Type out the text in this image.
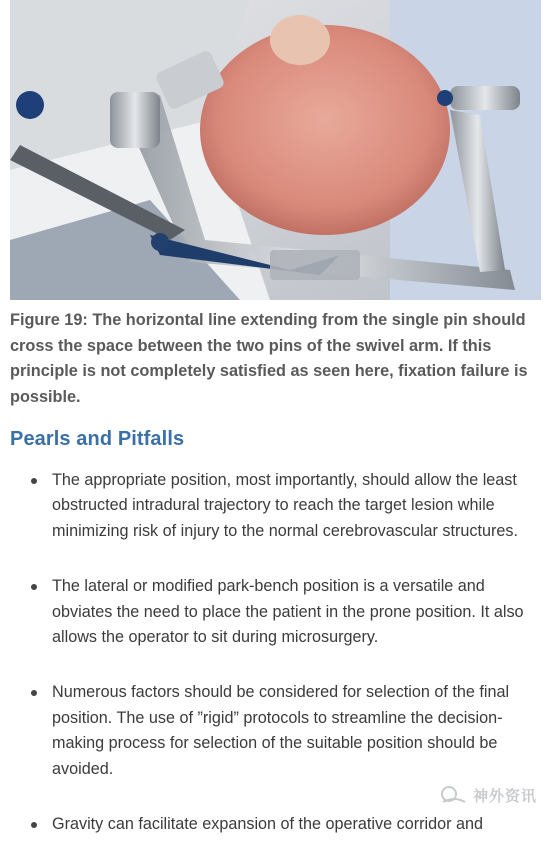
Figure 19: The horizontal line extending from the single pin should cross the space between the two pins of the swivel arm. If this principle is not completely satisfied as seen here, fixation failure is possible.

Pearls and Pitfalls
The appropriate position, most importantly, should allow the least obstructed intradural trajectory to reach the target lesion while minimizing risk of injury to the normal cerebrovascular structures.
The lateral or modified park-bench position is a versatile and obviates the need to place the patient in the prone position. It also allows the operator to sit during microsurgery.
Numerous factors should be considered for selection of the final position. The use of ”rigid” protocols to streamline the decision-making process for selection of the suitable position should be avoided.
Gravity can facilitate expansion of the operative corridor and
神外资讯
